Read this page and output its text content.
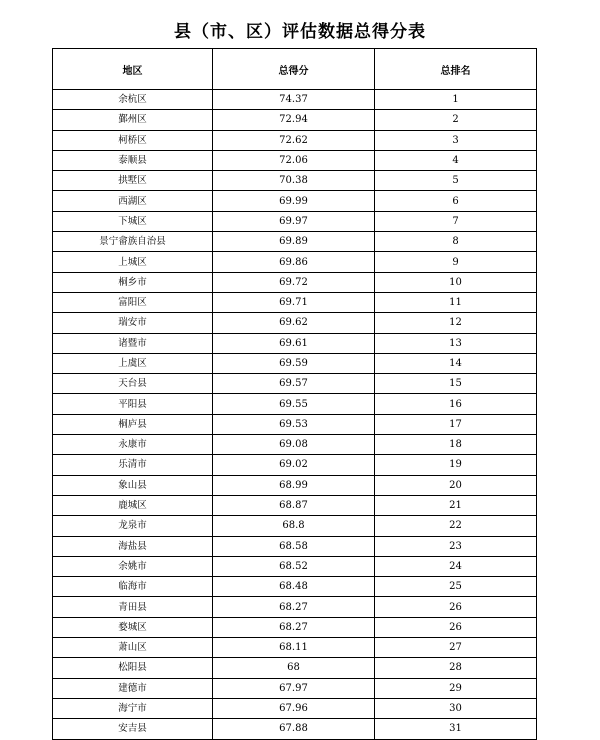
县（市、区）评估数据总得分表
地区	总得分	总排名
余杭区	74.37	1
鄞州区	72.94	2
柯桥区	72.62	3
泰顺县	72.06	4
拱墅区	70.38	5
西湖区	69.99	6
下城区	69.97	7
景宁畲族自治县	69.89	8
上城区	69.86	9
桐乡市	69.72	10
富阳区	69.71	11
瑞安市	69.62	12
诸暨市	69.61	13
上虞区	69.59	14
天台县	69.57	15
平阳县	69.55	16
桐庐县	69.53	17
永康市	69.08	18
乐清市	69.02	19
象山县	68.99	20
鹿城区	68.87	21
龙泉市	68.8	22
海盐县	68.58	23
余姚市	68.52	24
临海市	68.48	25
青田县	68.27	26
婺城区	68.27	26
萧山区	68.11	27
松阳县	68	28
建德市	67.97	29
海宁市	67.96	30
安吉县	67.88	31
